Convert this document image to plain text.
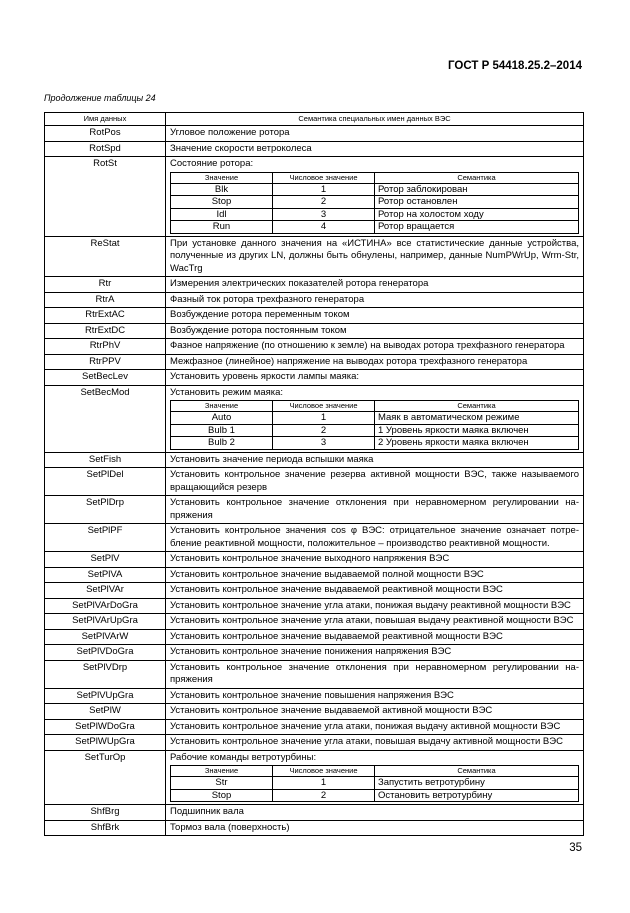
ГОСТ Р 54418.25.2–2014
Продолжение таблицы 24
Имя данных	Семантика специальных имен данных ВЭС
RotPos	Угловое положение ротора
RotSpd	Значение скорости ветроколеса
RotSt	Состояние ротора:
Значение	Числовое значение	Семантика
Blk	1	Ротор заблокирован
Stop	2	Ротор остановлен
Idl	3	Ротор на холостом ходу
Run	4	Ротор вращается

ReStat	При установке данного значения на «ИСТИНА» все статистические данные устройства, полученные из других LN, должны быть обнулены, например, данные NumPWrUp, Wrm-Str, WacTrg
Rtr	Измерения электрических показателей ротора генератора
RtrA	Фазный ток ротора трехфазного генератора
RtrExtAC	Возбуждение ротора переменным током
RtrExtDC	Возбуждение ротора постоянным током
RtrPhV	Фазное напряжение (по отношению к земле) на выводах ротора трехфазного генератора
RtrPPV	Межфазное (линейное) напряжение на выводах ротора трехфазного генератора
SetBecLev	Установить уровень яркости лампы маяка:
SetBecMod	Установить режим маяка:
Значение	Числовое значение	Семантика
Auto	1	Маяк в автоматическом режиме
Bulb 1	2	1 Уровень яркости маяка включен
Bulb 2	3	2 Уровень яркости маяка включен

SetFish	Установить значение периода вспышки маяка
SetPlDel	Установить контрольное значение резерва активной мощности ВЭС, также называемого вращающийся резерв
SetPlDrp	Установить контрольное значение отклонения при неравномерном регулировании на-пряжения
SetPlPF	Установить контрольное значения cos φ ВЭС: отрицательное значение означает потре-бление реактивной мощности, положительное – производство реактивной мощности.
SetPlV	Установить контрольное значение выходного напряжения ВЭС
SetPlVA	Установить контрольное значение выдаваемой полной мощности ВЭС
SetPlVAr	Установить контрольное значение выдаваемой реактивной мощности ВЭС
SetPlVArDoGra	Установить контрольное значение угла атаки, понижая выдачу реактивной мощности ВЭС
SetPlVArUpGra	Установить контрольное значение угла атаки, повышая выдачу реактивной мощности ВЭС
SetPlVArW	Установить контрольное значение выдаваемой реактивной мощности ВЭС
SetPlVDoGra	Установить контрольное значение понижения напряжения ВЭС
SetPlVDrp	Установить контрольное значение отклонения при неравномерном регулировании на-пряжения
SetPlVUpGra	Установить контрольное значение повышения напряжения ВЭС
SetPlW	Установить контрольное значение выдаваемой активной мощности ВЭС
SetPlWDoGra	Установить контрольное значение угла атаки, понижая выдачу активной мощности ВЭС
SetPlWUpGra	Установить контрольное значение угла атаки, повышая выдачу активной мощности ВЭС
SetTurOp	Рабочие команды ветротурбины:
Значение	Числовое значение	Семантика
Str	1	Запустить ветротурбину
Stop	2	Остановить ветротурбину

ShfBrg	Подшипник вала
ShfBrk	Тормоз вала (поверхность)
35
